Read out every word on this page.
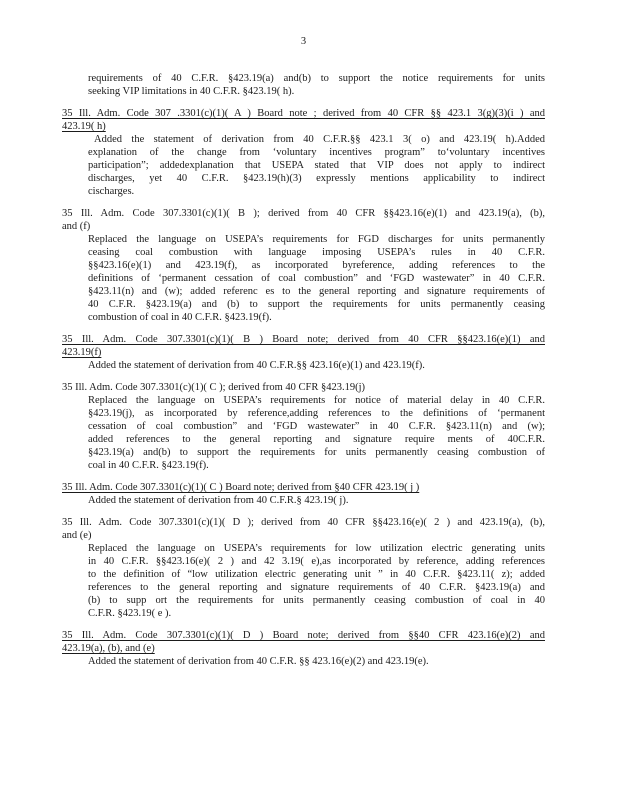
3
requirements of 40 C.F.R. §423.19(a) and(b) to support the notice requirements for units
seeking VIP limitations in 40 C.F.R. §423.19( h).
35 Ill. Adm. Code 307 .3301(c)(1)( A ) Board note ; derived from 40 CFR §§ 423.1 3(g)(3)(i ) and
423.19( h)
Added the statement of derivation from 40 C.F.R.§§ 423.1 3( o) and 423.19( h).Added
explanation of the change from ‘voluntary incentives program” to‘voluntary incentives
participation”; addedexplanation that USEPA stated that VIP does not apply to indirect
discharges, yet 40 C.F.R. §423.19(h)(3) expressly mentions applicability to indirect
cischarges.
35 Ill. Adm. Code 307.3301(c)(1)( B ); derived from 40 CFR §§423.16(e)(1) and 423.19(a), (b),
and (f)
Replaced the language on USEPA’s requirements for FGD discharges for units permanently
ceasing coal combustion with language imposing USEPA’s rules in 40 C.F.R.
§§423.16(e)(1) and 423.19(f), as incorporated byreference, adding references to the
definitions of ‘permanent cessation of coal combustion” and ‘FGD wastewater” in 40 C.F.R.
§423.11(n) and (w); added referenc es to the general reporting and signature requirements of
40 C.F.R. §423.19(a) and (b) to support the requirements for units permanently ceasing
combustion of coal in 40 C.F.R. §423.19(f).
35 Ill. Adm. Code 307.3301(c)(1)( B ) Board note; derived from 40 CFR §§423.16(e)(1) and
423.19(f)
Added the statement of derivation from 40 C.F.R.§§ 423.16(e)(1) and 423.19(f).
35 Ill. Adm. Code 307.3301(c)(1)( C ); derived from 40 CFR §423.19(j)
Replaced the language on USEPA’s requirements for notice of material delay in 40 C.F.R.
§423.19(j), as incorporated by reference,adding references to the definitions of ‘permanent
cessation of coal combustion” and ‘FGD wastewater” in 40 C.F.R. §423.11(n) and (w);
added references to the general reporting and signature require ments of 40C.F.R.
§423.19(a) and(b) to support the requirements for units permanently ceasing combustion of
coal in 40 C.F.R. §423.19(f).
35 Ill. Adm. Code 307.3301(c)(1)( C ) Board note; derived from §40 CFR 423.19( j )
Added the statement of derivation from 40 C.F.R.§ 423.19( j).
35 Ill. Adm. Code 307.3301(c)(1)( D ); derived from 40 CFR §§423.16(e)( 2 ) and 423.19(a), (b),
and (e)
Replaced the language on USEPA’s requirements for low utilization electric generating units
in 40 C.F.R. §§423.16(e)( 2 ) and 42 3.19( e),as incorporated by reference, adding references
to the definition of “low utilization electric generating unit ” in 40 C.F.R. §423.11( z); added
references to the general reporting and signature requirements of 40 C.F.R. §423.19(a) and
(b) to supp ort the requirements for units permanently ceasing combustion of coal in 40
C.F.R. §423.19( e ).
35 Ill. Adm. Code 307.3301(c)(1)( D ) Board note; derived from §§40 CFR 423.16(e)(2) and
423.19(a), (b), and (e)
Added the statement of derivation from 40 C.F.R. §§ 423.16(e)(2) and 423.19(e).
